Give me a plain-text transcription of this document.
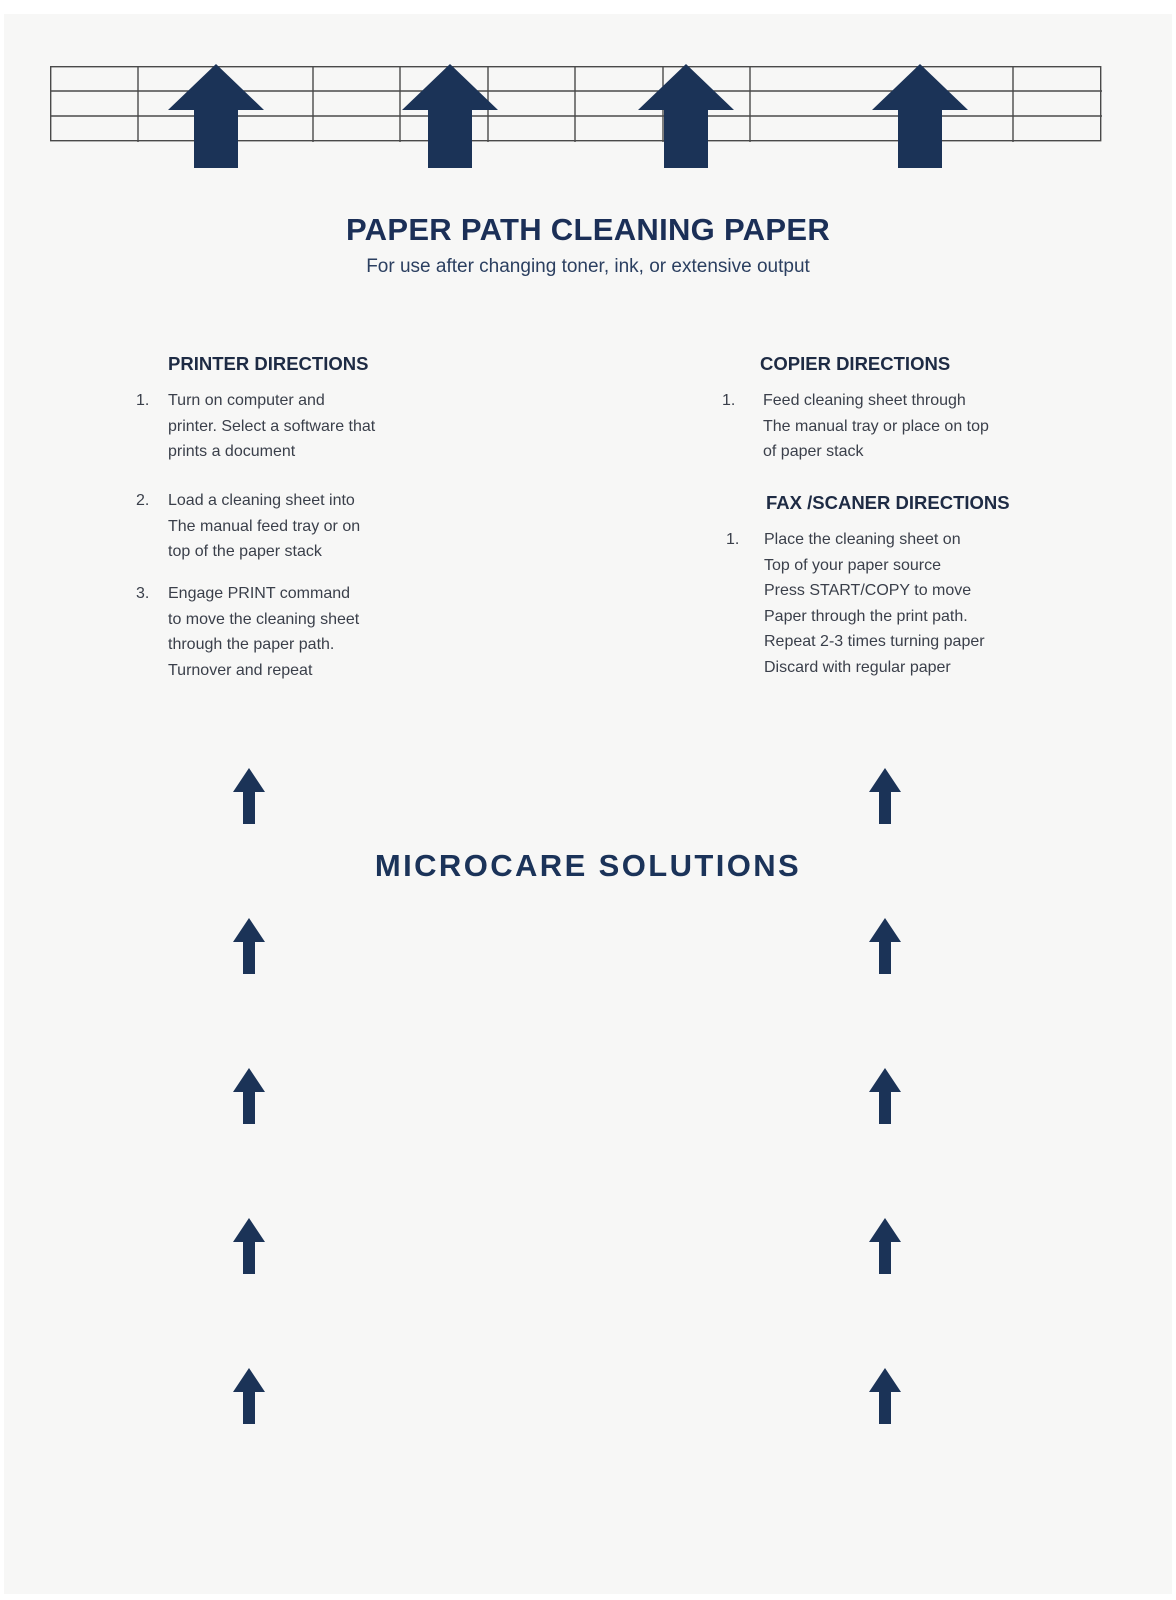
PAPER PATH CLEANING PAPER
For use after changing toner, ink, or extensive output
PRINTER DIRECTIONS
1. Turn on computer and
printer. Select a software that
prints a document
2. Load a cleaning sheet into
The manual feed tray or on
top of the paper stack
3. Engage PRINT command
to move the cleaning sheet
through the paper path.
Turnover and repeat
COPIER DIRECTIONS
1. Feed cleaning sheet through
The manual tray or place on top
of paper stack
FAX /SCANER DIRECTIONS
1. Place the cleaning sheet on
Top of your paper source
Press START/COPY to move
Paper through the print path.
Repeat 2-3 times turning paper
Discard with regular paper
MICROCARE SOLUTIONS
